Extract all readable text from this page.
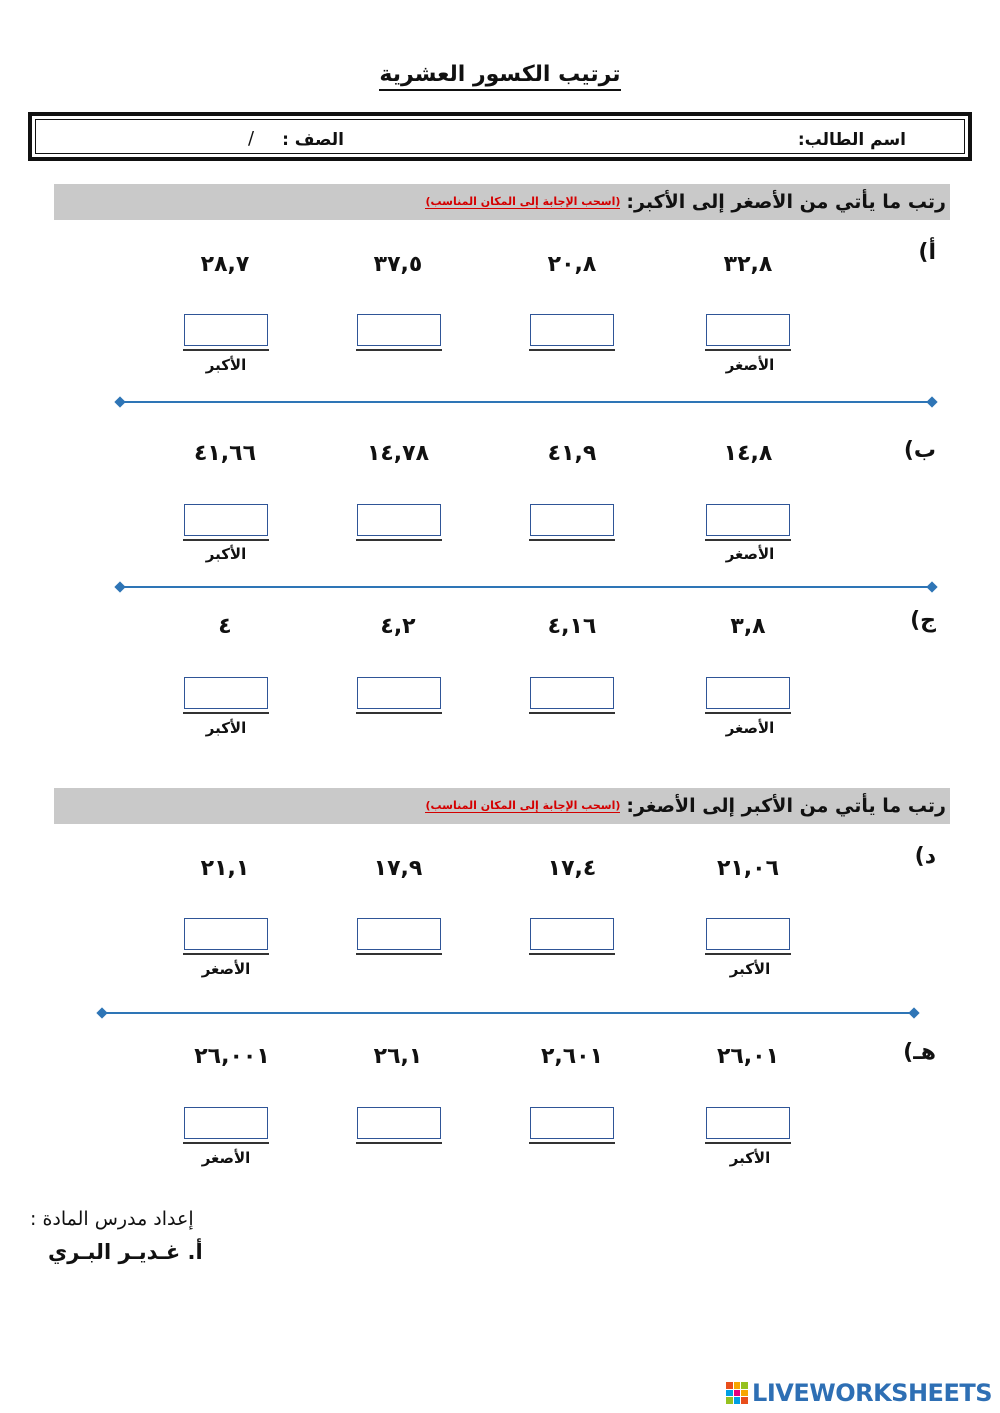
ترتيب الكسور العشرية
اسم الطالب:
الصف :
/
رتب ما يأتي من الأصغر إلى الأكبر:
(اسحب الإجابة إلى المكان المناسب)
أ)
٢٨,٧	٣٧,٥	٢٠,٨	٣٢,٨
الأكبر	الأصغر
ب)
٤١,٦٦	١٤,٧٨	٤١,٩	١٤,٨
الأكبر	الأصغر
ج)
٤	٤,٢	٤,١٦	٣,٨
الأكبر	الأصغر
رتب ما يأتي من الأكبر إلى الأصغر:
(اسحب الإجابة إلى المكان المناسب)
د)
٢١,١	١٧,٩	١٧,٤	٢١,٠٦
الأصغر	الأكبر
هـ)
٢٦,٠٠١	٢٦,١	٢,٦٠١	٢٦,٠١
الأصغر	الأكبر
إعداد مدرس المادة :
أ. غـديـر البـري
LIVEWORKSHEETS
